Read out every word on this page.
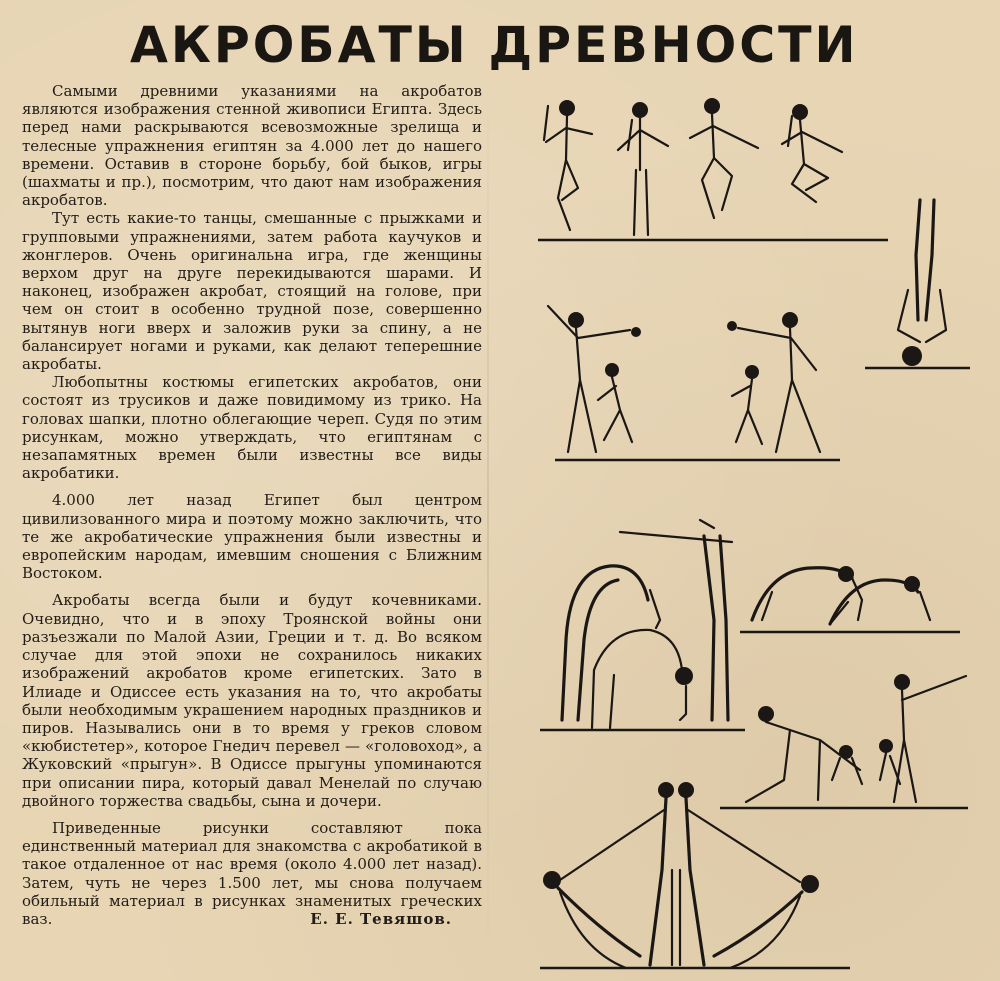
АКРОБАТЫ ДРЕВНОСТИ

Самыми древними указаниями на акробатов являются изображения стенной живописи Египта. Здесь перед нами раскрываются всевозможные зрелища и телесные упражнения египтян за 4.000 лет до нашего времени. Оставив в стороне борьбу, бой быков, игры (шахматы и пр.), посмотрим, что дают нам изображения акробатов.

Тут есть какие-то танцы, смешанные с прыжками и групповыми упражнениями, затем работа каучуков и жонглеров. Очень оригинальна игра, где женщины верхом друг на друге перекидываются шарами. И наконец, изображен акробат, стоящий на голове, при чем он стоит в особенно трудной позе, совершенно вытянув ноги вверх и заложив руки за спину, а не балансирует ногами и руками, как делают теперешние акробаты.

Любопытны костюмы египетских акробатов, они состоят из трусиков и даже повидимому из трико. На головах шапки, плотно облегающие череп. Судя по этим рисункам, можно утверждать, что египтянам с незапамятных времен были известны все виды акробатики.

4.000 лет назад Египет был центром цивилизованного мира и поэтому можно заключить, что те же акробатические упражнения были известны и европейским народам, имевшим сношения с Ближним Востоком.

Акробаты всегда были и будут кочевниками. Очевидно, что и в эпоху Троянской войны они разъезжали по Малой Азии, Греции и т. д. Во всяком случае для этой эпохи не сохранилось никаких изображений акробатов кроме египетских. Зато в Илиаде и Одиссее есть указания на то, что акробаты были необходимым украшением народных праздников и пиров. Назывались они в то время у греков словом «кюбистетер», которое Гнедич перевел — «головоход», а Жуковский «прыгун». В Одиссе прыгуны упоминаются при описании пира, который давал Менелай по случаю двойного торжества свадьбы, сына и дочери.

Приведенные рисунки составляют пока единственный материал для знакомства с акробатикой в такое отдаленное от нас время (около 4.000 лет назад). Затем, чуть не через 1.500 лет, мы снова получаем обильный материал в рисунках знаменитых греческих ваз.	Е. Е. Тевяшов.
